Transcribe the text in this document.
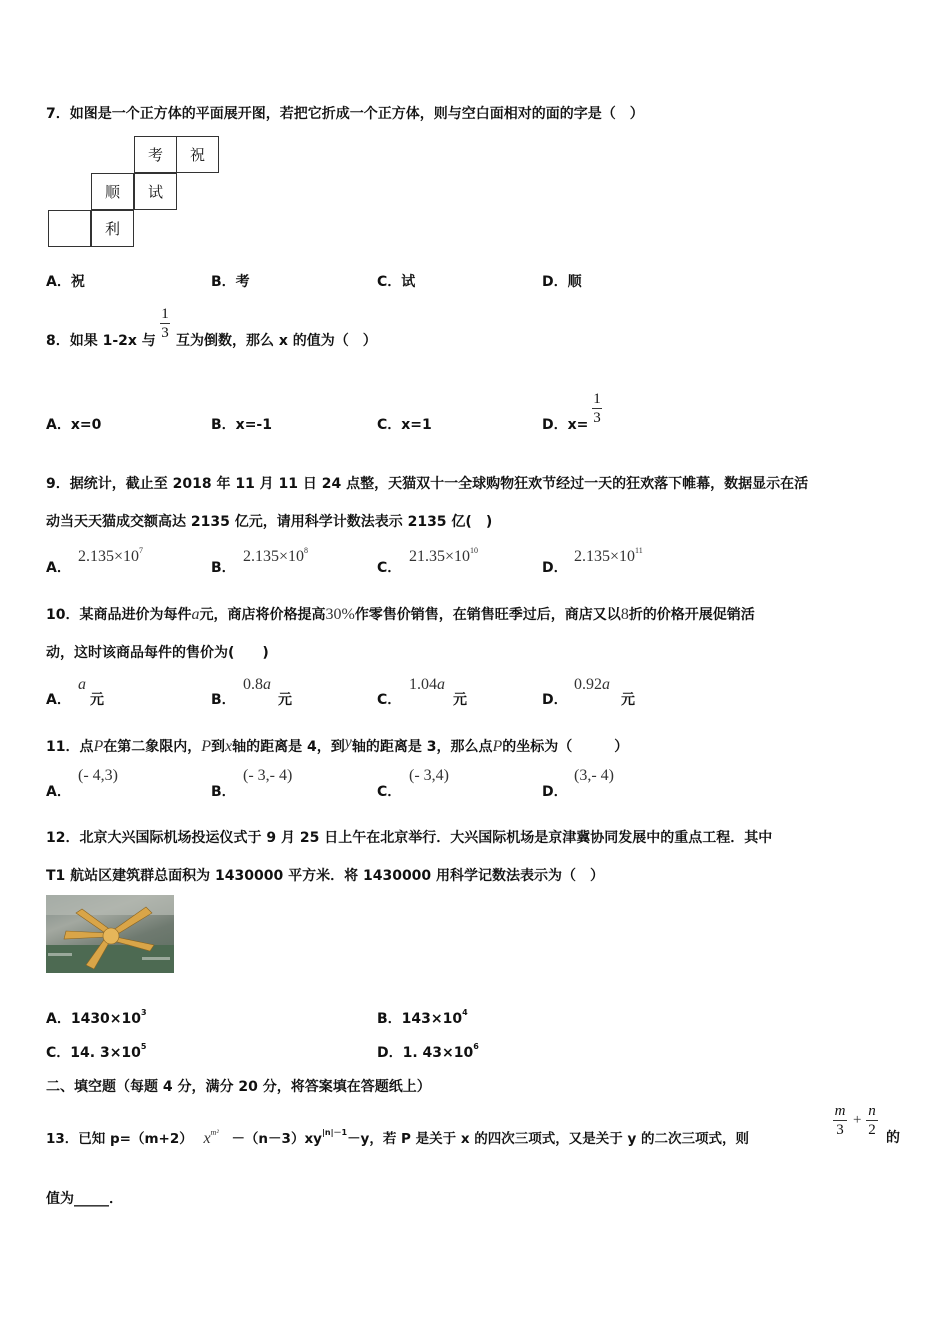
7．如图是一个正方体的平面展开图，若把它折成一个正方体，则与空白面相对的面的字是（　）
考	祝
顺	试
利
A．祝	B．考	C．试	D．顺
8．如果 1-2x 与
1
3 互为倒数，那么 x 的值为（　）
A．x=0	B．x=-1	C．x=1	D．x=
1
3
9．据统计，截止至 2018 年 11 月 11 日 24 点整，天猫双十一全球购物狂欢节经过一天的狂欢落下帷幕，数据显示在活
动当天天猫成交额高达 2135 亿元，请用科学计数法表示 2135 亿(　)
A．
$2.135\times 10^7$
B．
$2.135\times 10^8$
C．
$21.35\times 10^{10}$
D．
$2.135\times 10^{11}$
10．某商品进价为每件a元，商店将价格提高30%作零售价销售，在销售旺季过后，商店又以8折的价格开展促销活
动，这时该商品每件的售价为(　　)
A．
a
元	B．
0.8a
元	C．
1.04a
元	D．
0.92a
元
11．点P在第二象限内，P到x轴的距离是 4，到y轴的距离是 3，那么点P的坐标为（　　　）
A．
(- 4,3)
B．
(- 3,- 4)
C．
(- 3,4)
D．
(3,- 4)
12．北京大兴国际机场投运仪式于 9 月 25 日上午在北京举行．大兴国际机场是京津冀协同发展中的重点工程．其中
T1 航站区建筑群总面积为 1430000 平方米．将 1430000 用科学记数法表示为（　）
A．$1430\times 10^3$	B．$143\times 10^4$
C．14. $3\times 10^5$	D．1. $43\times 10^6$
二、填空题（每题 4 分，满分 20 分，将答案填在答题纸上）
13．已知 p=（m+2） $x^{m^2} -(n-3)xy^{|n|-1}-y$，若 P 是关于 x 的四次三项式，又是关于 y 的二次三项式，则
m
3
+
n
2 的
值为_____．
